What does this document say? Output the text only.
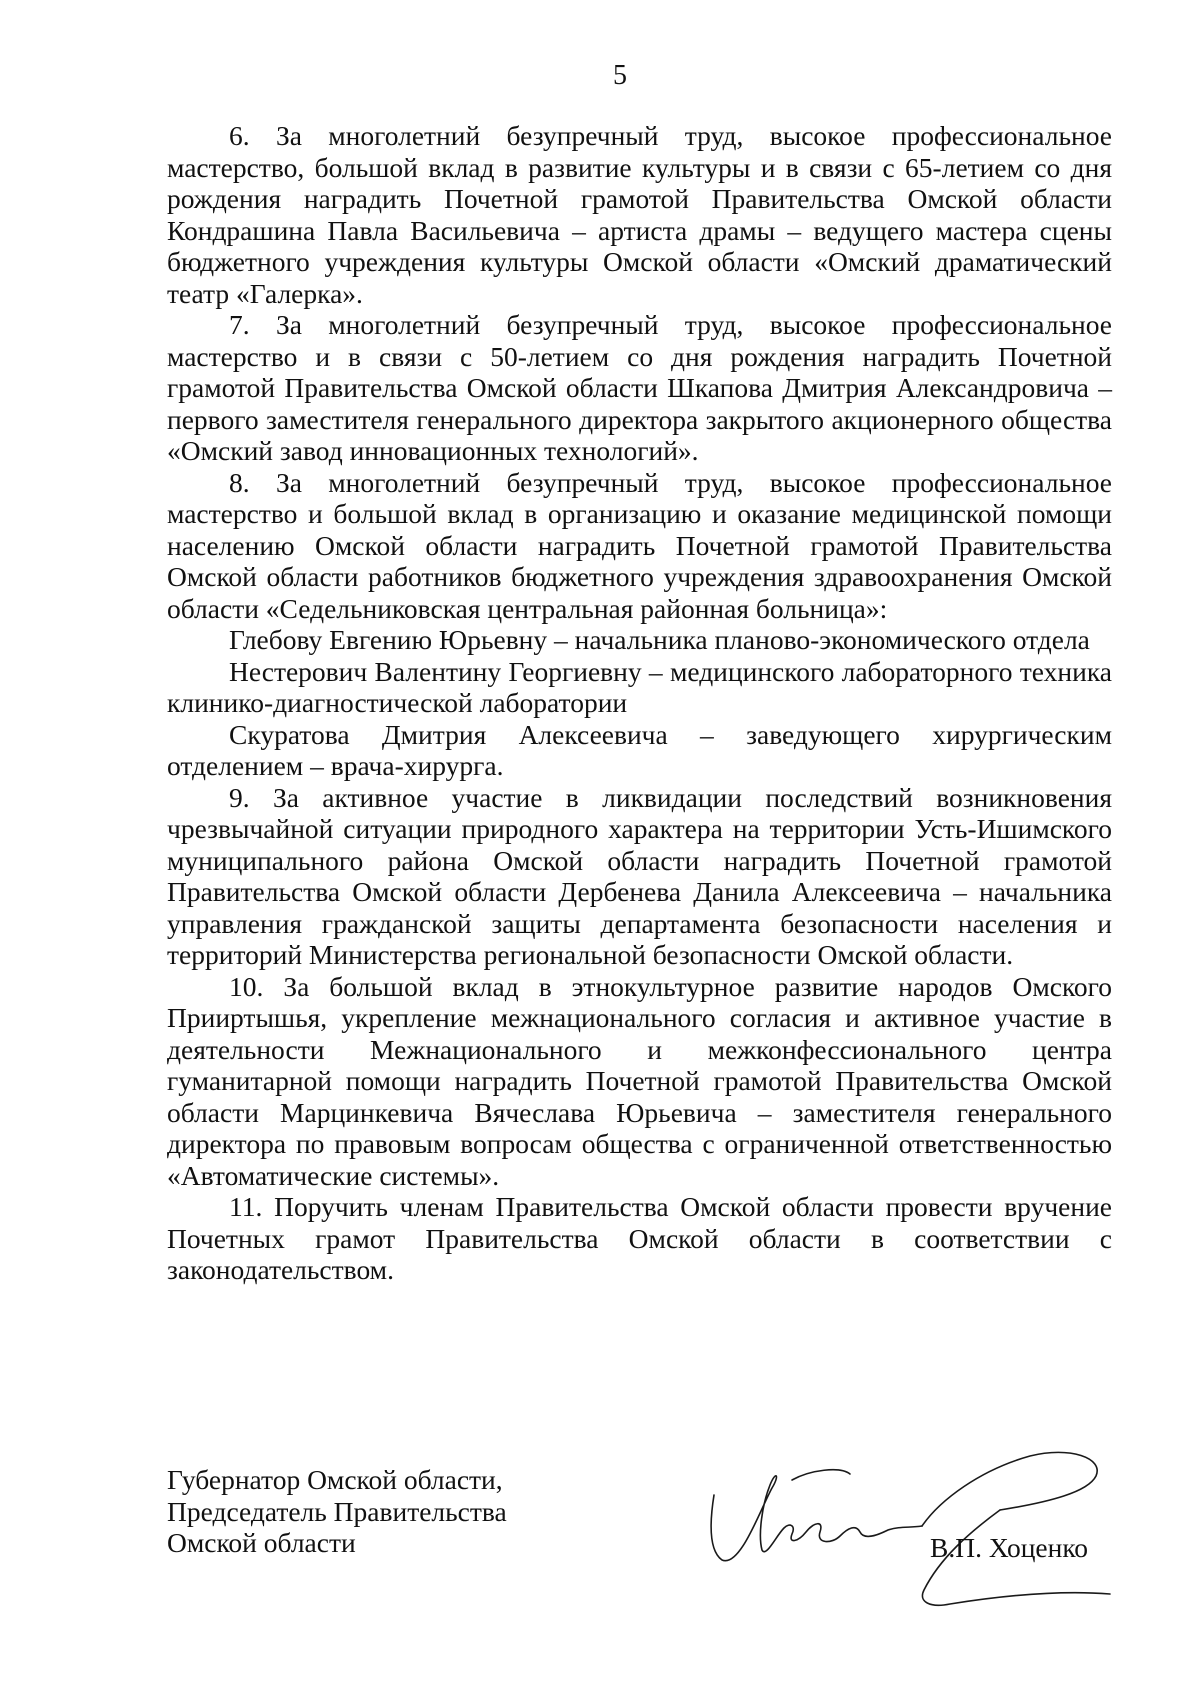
5

6. За многолетний безупречный труд, высокое профессиональное мастерство, большой вклад в развитие культуры и в связи с 65-летием со дня рождения наградить Почетной грамотой Правительства Омской области Кондрашина Павла Васильевича – артиста драмы – ведущего мастера сцены бюджетного учреждения культуры Омской области «Омский драматический театр «Галерка».

7. За многолетний безупречный труд, высокое профессиональное мастерство и в связи с 50-летием со дня рождения наградить Почетной грамотой Правительства Омской области Шкапова Дмитрия Александровича – первого заместителя генерального директора закрытого акционерного общества «Омский завод инновационных технологий».

8. За многолетний безупречный труд, высокое профессиональное мастерство и большой вклад в организацию и оказание медицинской помощи населению Омской области наградить Почетной грамотой Правительства Омской области работников бюджетного учреждения здравоохранения Омской области «Седельниковская центральная районная больница»:

Глебову Евгению Юрьевну – начальника планово-экономического отдела

Нестерович Валентину Георгиевну – медицинского лабораторного техника клинико-диагностической лаборатории

Скуратова Дмитрия Алексеевича – заведующего хирургическим отделением – врача-хирурга.

9. За активное участие в ликвидации последствий возникновения чрезвычайной ситуации природного характера на территории Усть-Ишимского муниципального района Омской области наградить Почетной грамотой Правительства Омской области Дербенева Данила Алексеевича – начальника управления гражданской защиты департамента безопасности населения и территорий Министерства региональной безопасности Омской области.

10. За большой вклад в этнокультурное развитие народов Омского Прииртышья, укрепление межнационального согласия и активное участие в деятельности Межнационального и межконфессионального центра гуманитарной помощи наградить Почетной грамотой Правительства Омской области Марцинкевича Вячеслава Юрьевича – заместителя генерального директора по правовым вопросам общества с ограниченной ответственностью «Автоматические системы».

11. Поручить членам Правительства Омской области провести вручение Почетных грамот Правительства Омской области в соответствии с законодательством.

Губернатор Омской области,
Председатель Правительства
Омской области	В.П. Хоценко
